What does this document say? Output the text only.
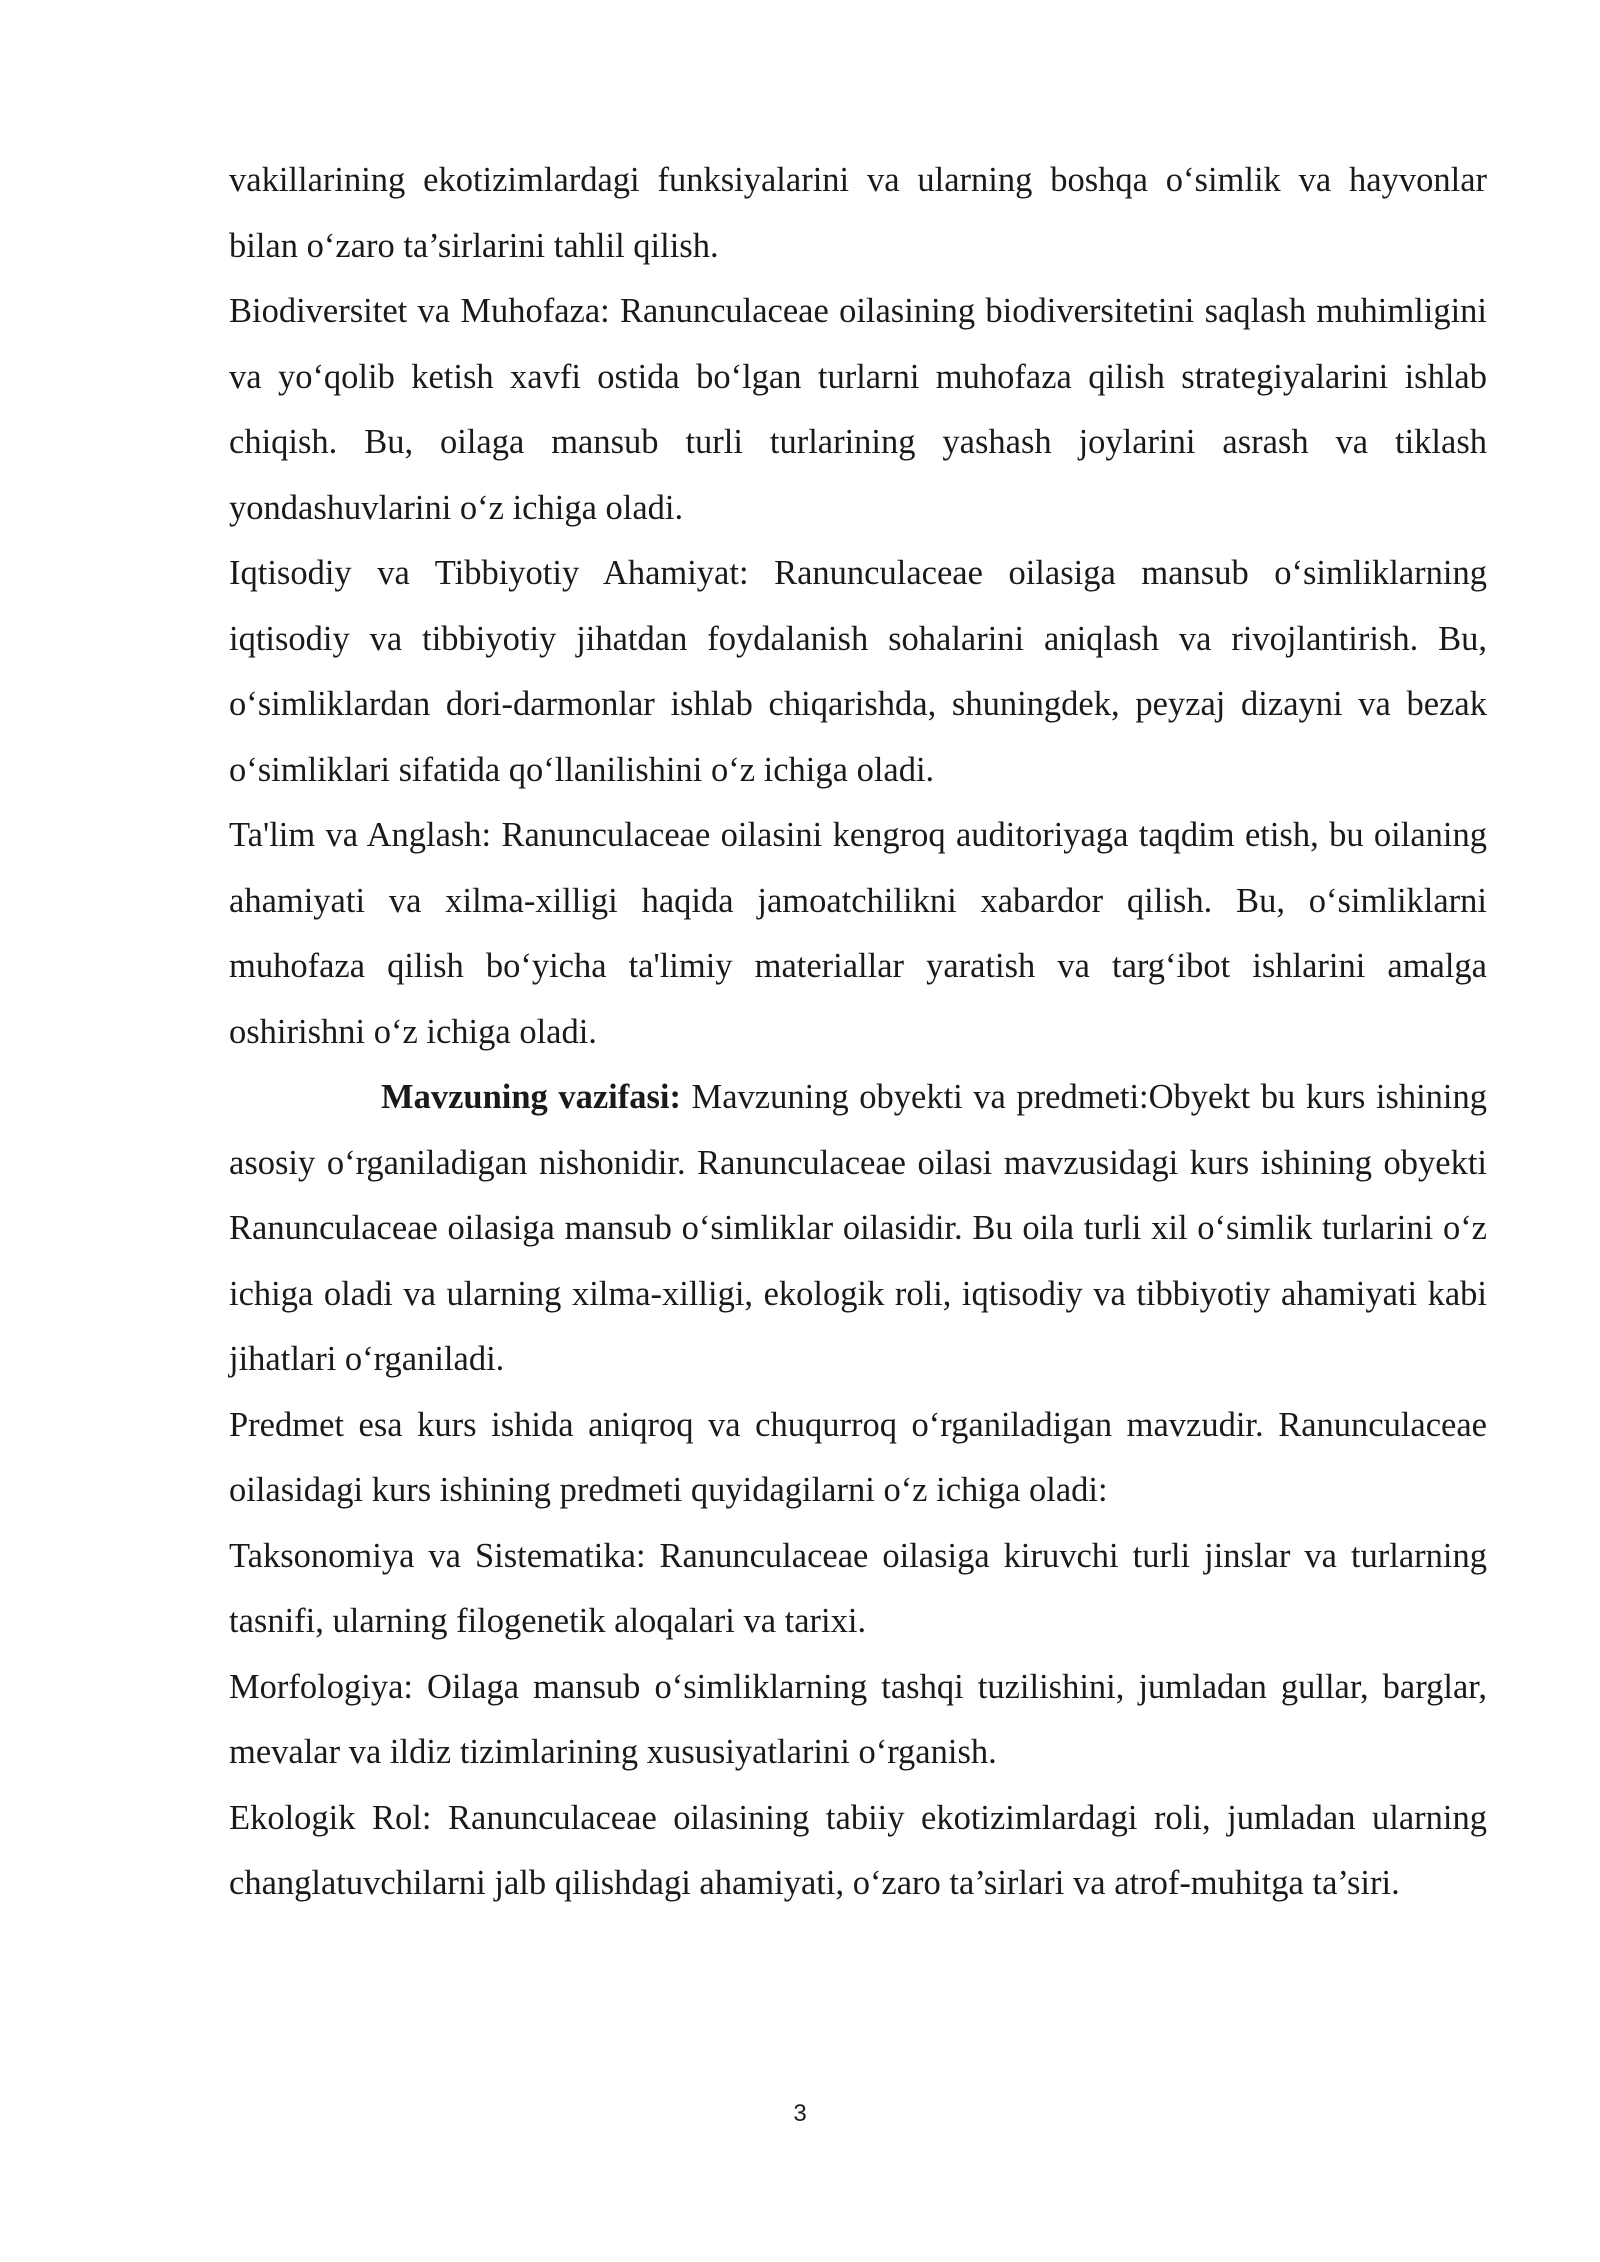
vakillarining ekotizimlardagi funksiyalarini va ularning boshqa o‘simlik va hayvonlar bilan o‘zaro ta’sirlarini tahlil qilish.

Biodiversitet va Muhofaza: Ranunculaceae oilasining biodiversitetini saqlash muhimligini va yo‘qolib ketish xavfi ostida bo‘lgan turlarni muhofaza qilish strategiyalarini ishlab chiqish. Bu, oilaga mansub turli turlarining yashash joylarini asrash va tiklash yondashuvlarini o‘z ichiga oladi.

Iqtisodiy va Tibbiyotiy Ahamiyat: Ranunculaceae oilasiga mansub o‘simliklarning iqtisodiy va tibbiyotiy jihatdan foydalanish sohalarini aniqlash va rivojlantirish. Bu, o‘simliklardan dori-darmonlar ishlab chiqarishda, shuningdek, peyzaj dizayni va bezak o‘simliklari sifatida qo‘llanilishini o‘z ichiga oladi.

Ta'lim va Anglash: Ranunculaceae oilasini kengroq auditoriyaga taqdim etish, bu oilaning ahamiyati va xilma-xilligi haqida jamoatchilikni xabardor qilish. Bu, o‘simliklarni muhofaza qilish bo‘yicha ta'limiy materiallar yaratish va targ‘ibot ishlarini amalga oshirishni o‘z ichiga oladi.

Mavzuning vazifasi: Mavzuning obyekti va predmeti:Obyekt bu kurs ishining asosiy o‘rganiladigan nishonidir. Ranunculaceae oilasi mavzusidagi kurs ishining obyekti Ranunculaceae oilasiga mansub o‘simliklar oilasidir. Bu oila turli xil o‘simlik turlarini o‘z ichiga oladi va ularning xilma-xilligi, ekologik roli, iqtisodiy va tibbiyotiy ahamiyati kabi jihatlari o‘rganiladi.

Predmet esa kurs ishida aniqroq va chuqurroq o‘rganiladigan mavzudir. Ranunculaceae oilasidagi kurs ishining predmeti quyidagilarni o‘z ichiga oladi:

Taksonomiya va Sistematika: Ranunculaceae oilasiga kiruvchi turli jinslar va turlarning tasnifi, ularning filogenetik aloqalari va tarixi.

Morfologiya: Oilaga mansub o‘simliklarning tashqi tuzilishini, jumladan gullar, barglar, mevalar va ildiz tizimlarining xususiyatlarini o‘rganish.

Ekologik Rol: Ranunculaceae oilasining tabiiy ekotizimlardagi roli, jumladan ularning changlatuvchilarni jalb qilishdagi ahamiyati, o‘zaro ta’sirlari va atrof-muhitga ta’siri.

3
